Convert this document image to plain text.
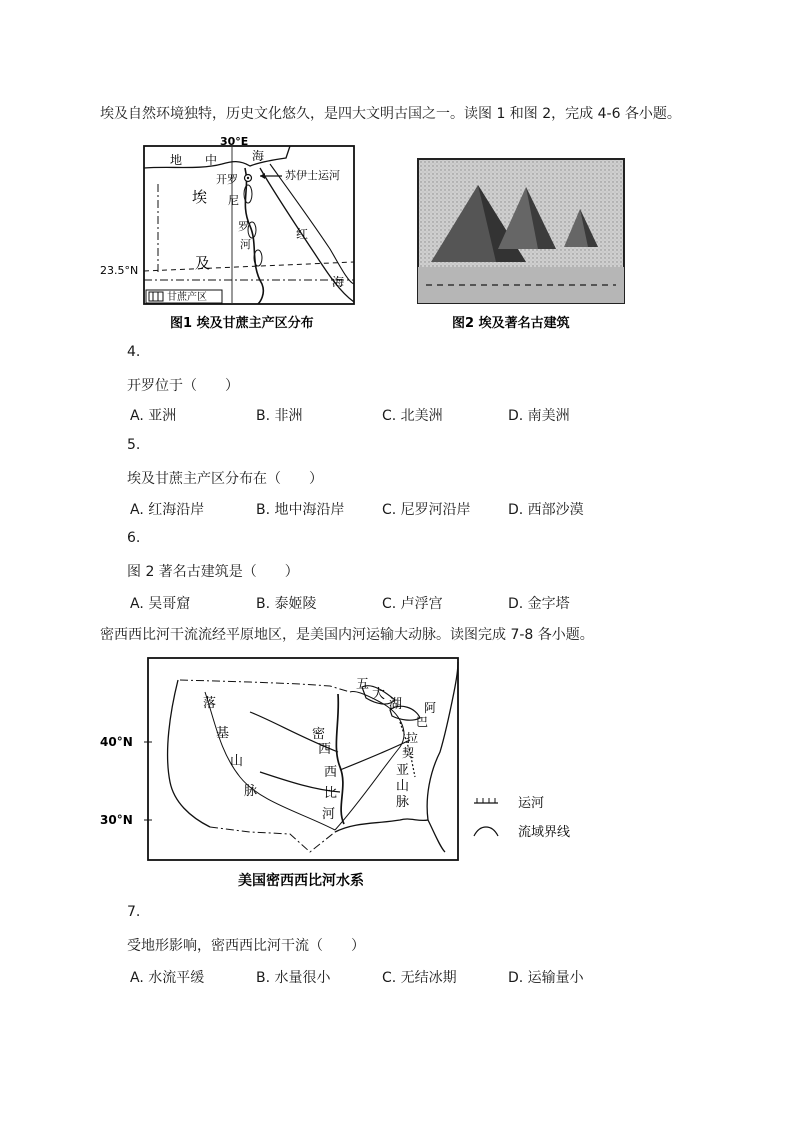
埃及自然环境独特，历史文化悠久，是四大文明古国之一。读图 1 和图 2，完成 4-6 各小题。
30°E
23.5°N
地 中	海
开罗	苏伊士运河
埃
及
尼
罗
河
红
海
甘蔗产区
图1 埃及甘蔗主产区分布	图2 埃及著名古建筑
4.
开罗位于（　　）
A. 亚洲	B. 非洲	C. 北美洲	D. 南美洲
5.
埃及甘蔗主产区分布在（　　）
A. 红海沿岸	B. 地中海沿岸	C. 尼罗河沿岸	D. 西部沙漠
6.
图 2 著名古建筑是（　　）
A. 吴哥窟	B. 泰姬陵	C. 卢浮宫	D. 金字塔
密西西比河干流流经平原地区，是美国内河运输大动脉。读图完成 7-8 各小题。
40°N
30°N
落
基
山
脉
密
西
西
比
河
五
大
湖 阿
巴
拉
契
亚
山
脉	运河
流域界线
美国密西西比河水系
7.
受地形影响，密西西比河干流（　　）
A. 水流平缓	B. 水量很小	C. 无结冰期	D. 运输量小
